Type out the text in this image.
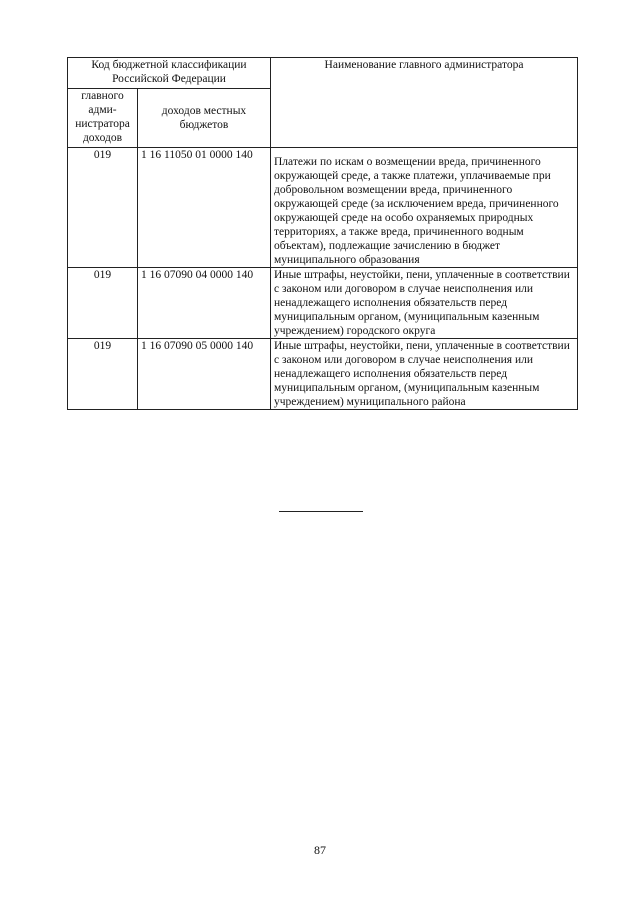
Код бюджетной классификации Российской Федерации		Наименование главного администратора
главного адми-нистратора доходов	доходов местных бюджетов	
019	1 16 11050 01 0000 140	Платежи по искам о возмещении вреда, причиненного окружающей среде, а также платежи, уплачиваемые при добровольном возмещении вреда, причиненного окружающей среде (за исключением вреда, причиненного окружающей среде на особо охраняемых природных территориях, а также вреда, причиненного водным объектам), подлежащие зачислению в бюджет муниципального образования
019	1 16 07090 04 0000 140	Иные штрафы, неустойки, пени, уплаченные в соответствии с законом или договором в случае неисполнения или ненадлежащего исполнения обязательств перед муниципальным органом, (муниципальным казенным учреждением) городского округа
019	1 16 07090 05 0000 140	Иные штрафы, неустойки, пени, уплаченные в соответствии с законом или договором в случае неисполнения или ненадлежащего исполнения обязательств перед муниципальным органом, (муниципальным казенным учреждением) муниципального района
87
